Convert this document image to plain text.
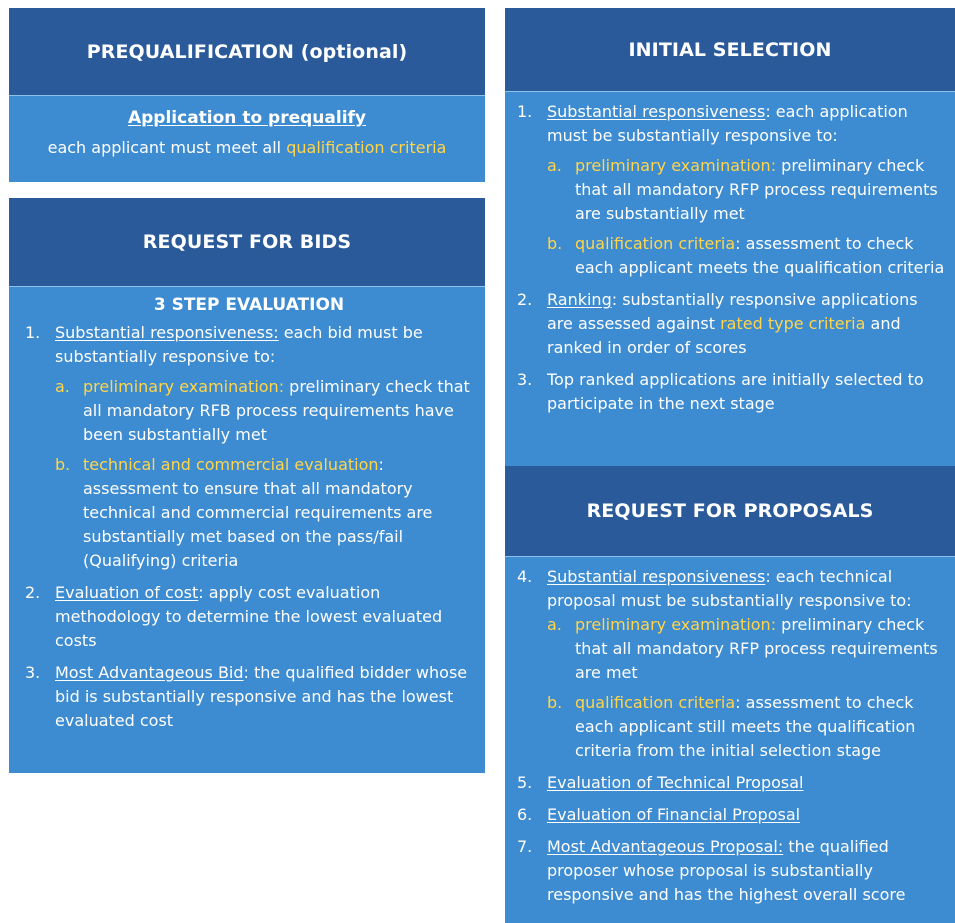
PREQUALIFICATION (optional)
Application to prequalify
each applicant must meet all qualification criteria
REQUEST FOR BIDS
3 STEP EVALUATION
1. Substantial responsiveness: each bid must be substantially responsive to:
a. preliminary examination: preliminary check that all mandatory RFB process requirements have been substantially met
b. technical and commercial evaluation: assessment to ensure that all mandatory technical and commercial requirements are substantially met based on the pass/fail (Qualifying) criteria
2. Evaluation of cost: apply cost evaluation methodology to determine the lowest evaluated costs
3. Most Advantageous Bid: the qualified bidder whose bid is substantially responsive and has the lowest evaluated cost
INITIAL SELECTION
1. Substantial responsiveness: each application must be substantially responsive to:
a. preliminary examination: preliminary check that all mandatory RFP process requirements are substantially met
b. qualification criteria: assessment to check each applicant meets the qualification criteria
2. Ranking: substantially responsive applications are assessed against rated type criteria and ranked in order of scores
3. Top ranked applications are initially selected to participate in the next stage
REQUEST FOR PROPOSALS
4. Substantial responsiveness: each technical proposal must be substantially responsive to:
a. preliminary examination: preliminary check that all mandatory RFP process requirements are met
b. qualification criteria: assessment to check each applicant still meets the qualification criteria from the initial selection stage
5. Evaluation of Technical Proposal
6. Evaluation of Financial Proposal
7. Most Advantageous Proposal: the qualified proposer whose proposal is substantially responsive and has the highest overall score
